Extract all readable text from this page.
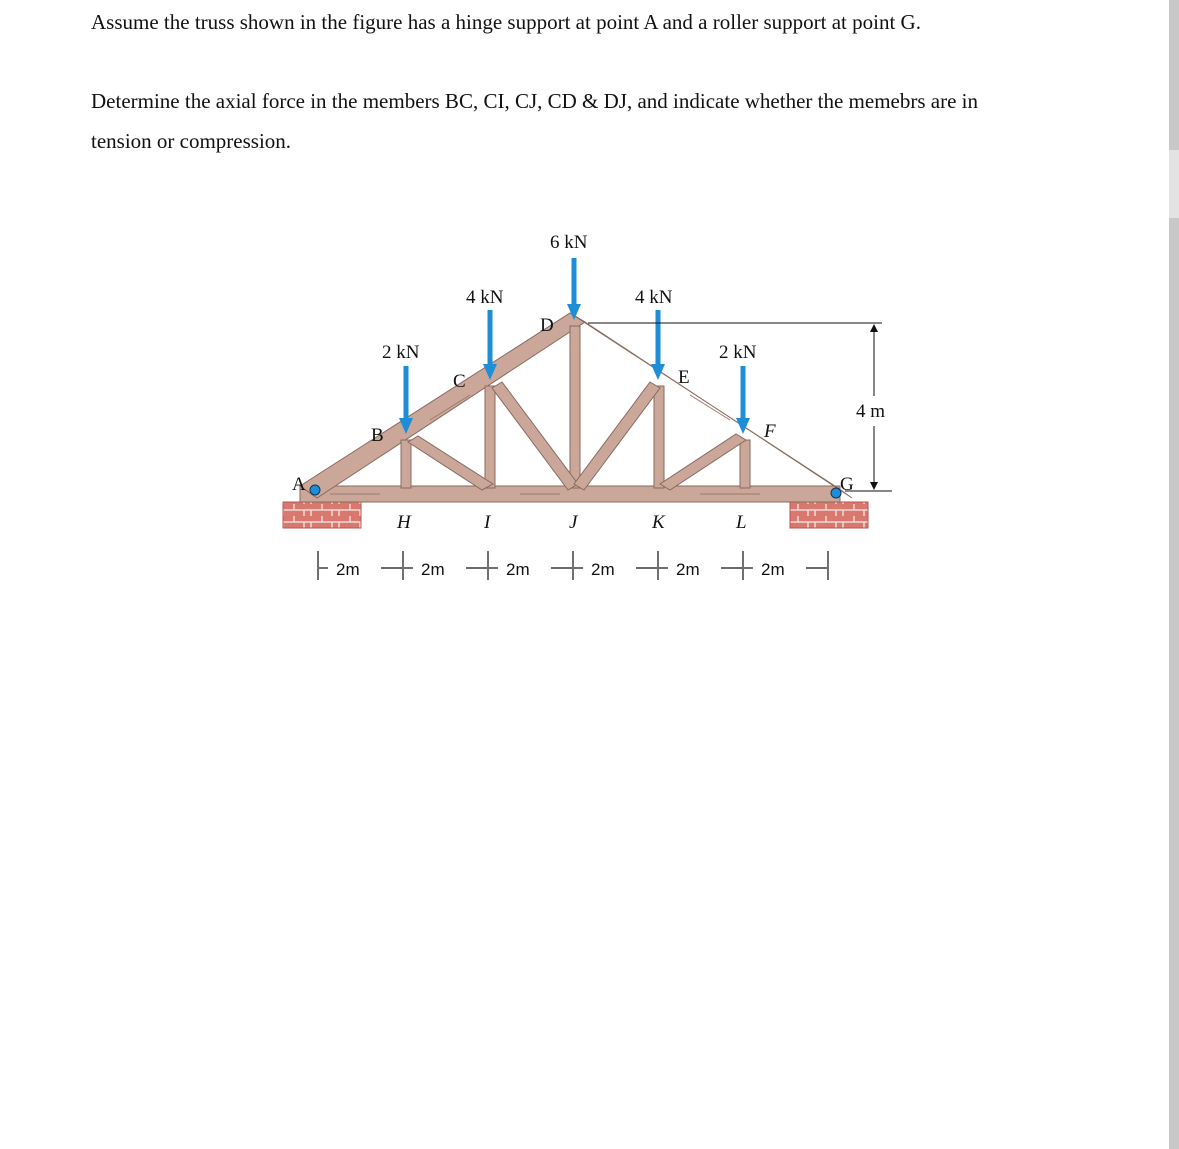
Assume the truss shown in the figure has a hinge support at point A and a roller support at point G.
Determine the axial force in the members BC, CI, CJ, CD & DJ, and indicate whether the memebrs are in
tension or compression.
6 kN
4 kN	4 kN
2 kN	2 kN
A
B
C
D
E
F
G
H	I	J	K	L
4 m
2m	2m	2m	2m	2m	2m
